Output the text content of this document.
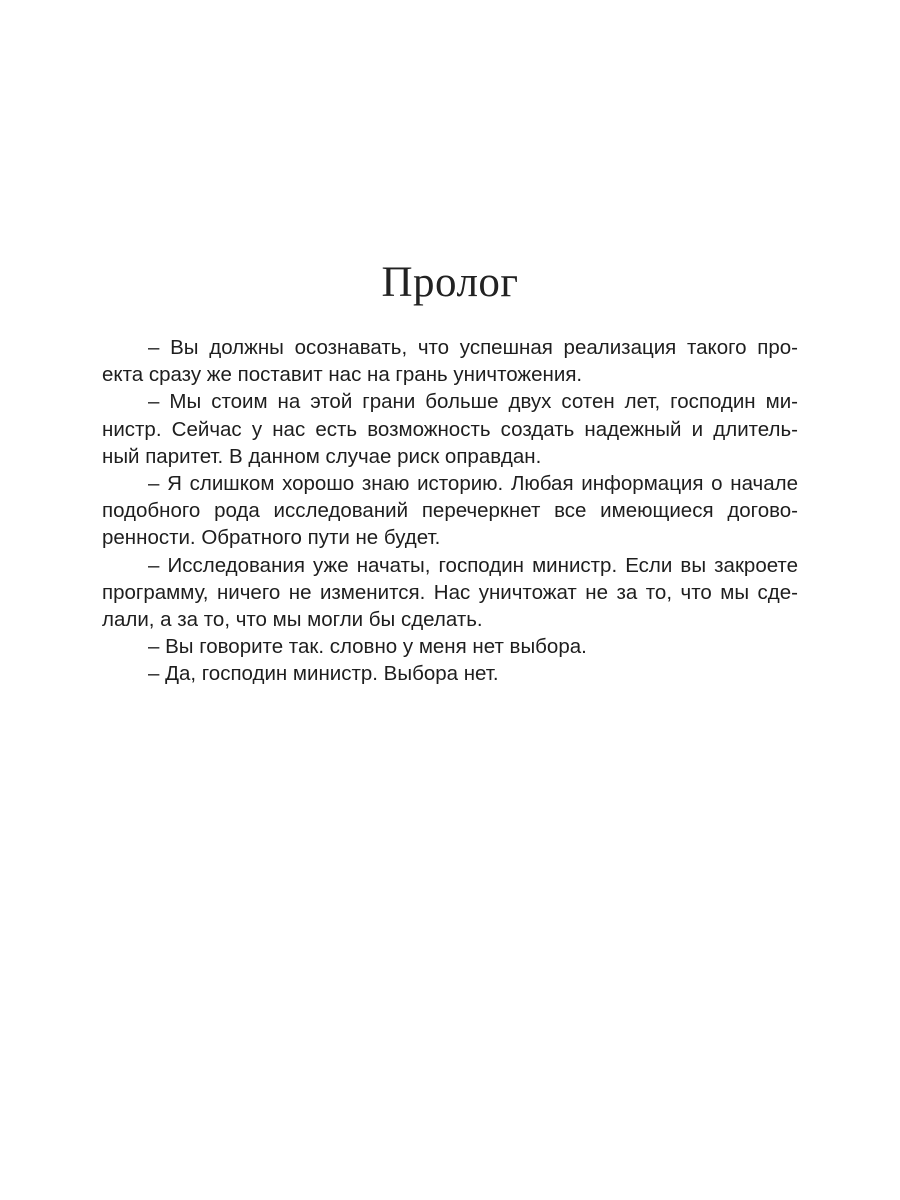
Пролог
– Вы должны осознавать, что успешная реализация такого про-
екта сразу же поставит нас на грань уничтожения.
– Мы стоим на этой грани больше двух сотен лет, господин ми-
нистр. Сейчас у нас есть возможность создать надежный и длитель-
ный паритет. В данном случае риск оправдан.
– Я слишком хорошо знаю историю. Любая информация о начале
подобного рода исследований перечеркнет все имеющиеся догово-
ренности. Обратного пути не будет.
– Исследования уже начаты, господин министр. Если вы закроете
программу, ничего не изменится. Нас уничтожат не за то, что мы сде-
лали, а за то, что мы могли бы сделать.
– Вы говорите так. словно у меня нет выбора.
– Да, господин министр. Выбора нет.
